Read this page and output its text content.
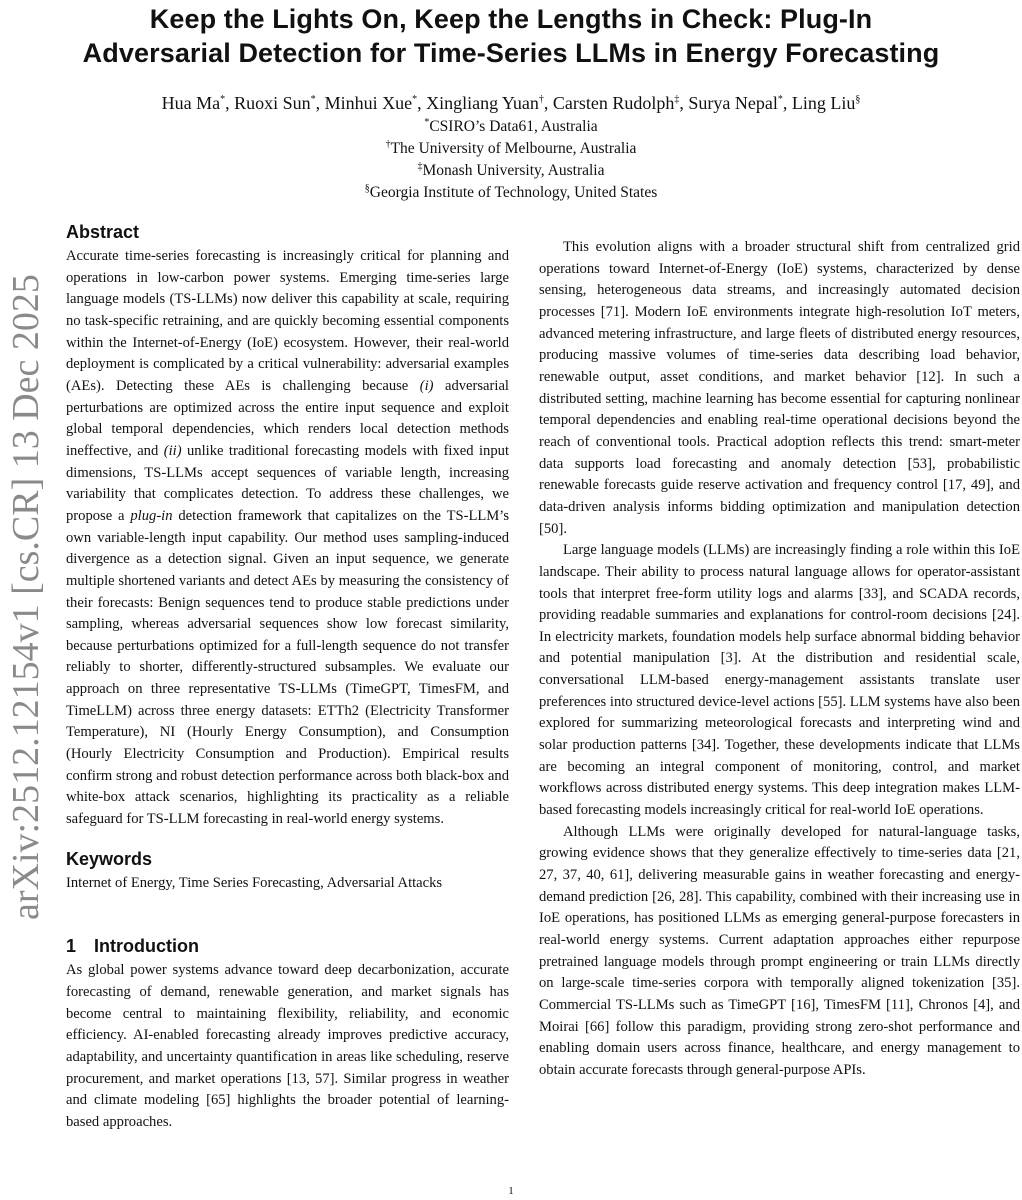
arXiv:2512.12154v1 [cs.CR] 13 Dec 2025
Keep the Lights On, Keep the Lengths in Check: Plug-In
Adversarial Detection for Time-Series LLMs in Energy Forecasting
Hua Ma*, Ruoxi Sun*, Minhui Xue*, Xingliang Yuan†, Carsten Rudolph‡, Surya Nepal*, Ling Liu§
*CSIRO’s Data61, Australia
†The University of Melbourne, Australia
‡Monash University, Australia
§Georgia Institute of Technology, United States
Abstract

Accurate time-series forecasting is increasingly critical for planning and operations in low-carbon power systems. Emerging time-series large language models (TS-LLMs) now deliver this capability at scale, requiring no task-specific retraining, and are quickly becoming essential components within the Internet-of-Energy (IoE) ecosystem. However, their real-world deployment is complicated by a critical vulnerability: adversarial examples (AEs). Detecting these AEs is challenging because (i) adversarial perturbations are optimized across the entire input sequence and exploit global temporal dependencies, which renders local detection methods ineffective, and (ii) unlike traditional forecasting models with fixed input dimensions, TS-LLMs accept sequences of variable length, increasing variability that complicates detection. To address these challenges, we propose a plug-in detection framework that capitalizes on the TS-LLM’s own variable-length input capability. Our method uses sampling-induced divergence as a detection signal. Given an input sequence, we generate multiple shortened variants and detect AEs by measuring the consistency of their forecasts: Benign sequences tend to produce stable predictions under sampling, whereas adversarial sequences show low forecast similarity, because perturbations optimized for a full-length sequence do not transfer reliably to shorter, differently-structured subsamples. We evaluate our approach on three representative TS-LLMs (TimeGPT, TimesFM, and TimeLLM) across three energy datasets: ETTh2 (Electricity Transformer Temperature), NI (Hourly Energy Consumption), and Consumption (Hourly Electricity Consumption and Production). Empirical results confirm strong and robust detection performance across both black-box and white-box attack scenarios, highlighting its practicality as a reliable safeguard for TS-LLM forecasting in real-world energy systems.

Keywords

Internet of Energy, Time Series Forecasting, Adversarial Attacks

1 Introduction

As global power systems advance toward deep decarbonization, accurate forecasting of demand, renewable generation, and market signals has become central to maintaining flexibility, reliability, and economic efficiency. AI-enabled forecasting already improves predictive accuracy, adaptability, and uncertainty quantification in areas like scheduling, reserve procurement, and market operations [13, 57]. Similar progress in weather and climate modeling [65] highlights the broader potential of learning-based approaches.

This evolution aligns with a broader structural shift from centralized grid operations toward Internet-of-Energy (IoE) systems, characterized by dense sensing, heterogeneous data streams, and increasingly automated decision processes [71]. Modern IoE environments integrate high-resolution IoT meters, advanced metering infrastructure, and large fleets of distributed energy resources, producing massive volumes of time-series data describing load behavior, renewable output, asset conditions, and market behavior [12]. In such a distributed setting, machine learning has become essential for capturing nonlinear temporal dependencies and enabling real-time operational decisions beyond the reach of conventional tools. Practical adoption reflects this trend: smart-meter data supports load forecasting and anomaly detection [53], probabilistic renewable forecasts guide reserve activation and frequency control [17, 49], and data-driven analysis informs bidding optimization and manipulation detection [50].

Large language models (LLMs) are increasingly finding a role within this IoE landscape. Their ability to process natural language allows for operator-assistant tools that interpret free-form utility logs and alarms [33], and SCADA records, providing readable summaries and explanations for control-room decisions [24]. In electricity markets, foundation models help surface abnormal bidding behavior and potential manipulation [3]. At the distribution and residential scale, conversational LLM-based energy-management assistants translate user preferences into structured device-level actions [55]. LLM systems have also been explored for summarizing meteorological forecasts and interpreting wind and solar production patterns [34]. Together, these developments indicate that LLMs are becoming an integral component of monitoring, control, and market workflows across distributed energy systems. This deep integration makes LLM-based forecasting models increasingly critical for real-world IoE operations.

Although LLMs were originally developed for natural-language tasks, growing evidence shows that they generalize effectively to time-series data [21, 27, 37, 40, 61], delivering measurable gains in weather forecasting and energy-demand prediction [26, 28]. This capability, combined with their increasing use in IoE operations, has positioned LLMs as emerging general-purpose forecasters in real-world energy systems. Current adaptation approaches either repurpose pretrained language models through prompt engineering or train LLMs directly on large-scale time-series corpora with temporally aligned tokenization [35]. Commercial TS-LLMs such as TimeGPT [16], TimesFM [11], Chronos [4], and Moirai [66] follow this paradigm, providing strong zero-shot performance and enabling domain users across finance, healthcare, and energy management to obtain accurate forecasts through general-purpose APIs.

1
